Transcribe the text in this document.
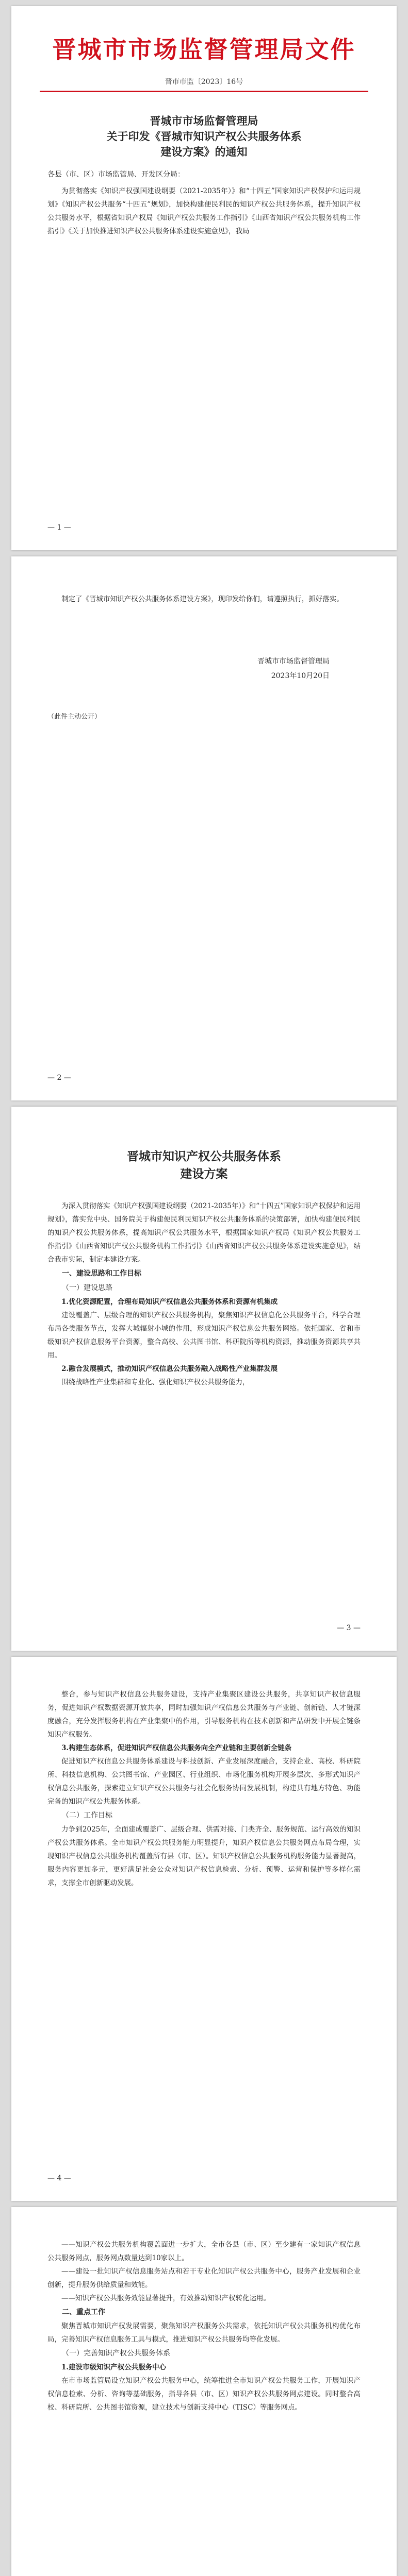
晋城市市场监督管理局文件
晋市市监〔2023〕16号
晋城市市场监督管理局
关于印发《晋城市知识产权公共服务体系
建设方案》的通知
各县（市、区）市场监管局、开发区分局：

为贯彻落实《知识产权强国建设纲要（2021-2035年）》和“十四五”国家知识产权保护和运用规划》《知识产权公共服务“十四五”规划》，加快构建便民利民的知识产权公共服务体系，提升知识产权公共服务水平，根据省知识产权局《知识产权公共服务工作指引》《山西省知识产权公共服务机构工作指引》《关于加快推进知识产权公共服务体系建设实施意见》，我局

— 1 —

制定了《晋城市知识产权公共服务体系建设方案》，现印发给你们，请遵照执行，抓好落实。

晋城市市场监督管理局
2023年10月20日
（此件主动公开）
— 2 —
晋城市知识产权公共服务体系
建设方案

为深入贯彻落实《知识产权强国建设纲要（2021-2035年）》和“十四五”国家知识产权保护和运用规划》，落实党中央、国务院关于构建便民利民知识产权公共服务体系的决策部署，加快构建便民利民的知识产权公共服务体系，提高知识产权公共服务水平，根据国家知识产权局《知识产权公共服务工作指引》《山西省知识产权公共服务机构工作指引》《山西省知识产权公共服务体系建设实施意见》，结合我市实际，制定本建设方案。

一、建设思路和工作目标

（一）建设思路

1.优化资源配置，合理布局知识产权信息公共服务体系和资源有机集成

建设覆盖广、层级合理的知识产权公共服务机构，聚焦知识产权信息化公共服务平台，科学合理布局各类服务节点，发挥大城辐射小城的作用，形成知识产权信息公共服务网络。依托国家、省和市级知识产权信息服务平台资源，整合高校、公共图书馆、科研院所等机构资源，推动服务资源共享共用。

2.融合发展模式，推动知识产权信息公共服务融入战略性产业集群发展

围绕战略性产业集群和专业化、强化知识产权公共服务能力，

— 3 —

整合，参与知识产权信息公共服务建设，支持产业集聚区建设公共服务，共享知识产权信息服务，促进知识产权数据资源开放共享，同时加强知识产权信息公共服务与产业链、创新链、人才链深度融合，充分发挥服务机构在产业集聚中的作用，引导服务机构在技术创新和产品研发中开展全链条知识产权服务。

3.构建生态体系，促进知识产权信息公共服务向全产业链和主要创新全链条

促进知识产权信息公共服务体系建设与科技创新、产业发展深度融合，支持企业、高校、科研院所、科技信息机构、公共图书馆、产业园区、行业组织、市场化服务机构开展多层次、多形式知识产权信息公共服务，探索建立知识产权公共服务与社会化服务协同发展机制，构建具有地方特色、功能完备的知识产权公共服务体系。

（二）工作目标

力争到2025年，全面建成覆盖广、层级合理、供需对接、门类齐全、服务规范、运行高效的知识产权公共服务体系。全市知识产权公共服务能力明显提升，知识产权信息公共服务网点布局合理，实现知识产权信息公共服务机构覆盖所有县（市、区）。知识产权信息公共服务机构服务能力显著提高，服务内容更加多元，更好满足社会公众对知识产权信息检索、分析、预警、运营和保护等多样化需求，支撑全市创新驱动发展。

— 4 —

——知识产权公共服务机构覆盖面进一步扩大，全市各县（市、区）至少建有一家知识产权信息公共服务网点，服务网点数量达到10家以上。

——建设一批知识产权信息服务站点和若干专业化知识产权公共服务中心，服务产业发展和企业创新，提升服务供给质量和效能。

——知识产权公共服务效能显著提升，有效推动知识产权转化运用。

二、重点工作

聚焦晋城市知识产权发展需要，聚焦知识产权服务公共需求，依托知识产权公共服务机构优化布局，完善知识产权信息服务工具与模式，推进知识产权公共服务均等化发展。

（一）完善知识产权公共服务体系

1.建设市级知识产权公共服务中心

在市市场监管局设立知识产权公共服务中心，统筹推进全市知识产权公共服务工作，开展知识产权信息检索、分析、咨询等基础服务，指导各县（市、区）知识产权公共服务网点建设。同时整合高校、科研院所、公共图书馆资源，建立技术与创新支持中心（TISC）等服务网点。
